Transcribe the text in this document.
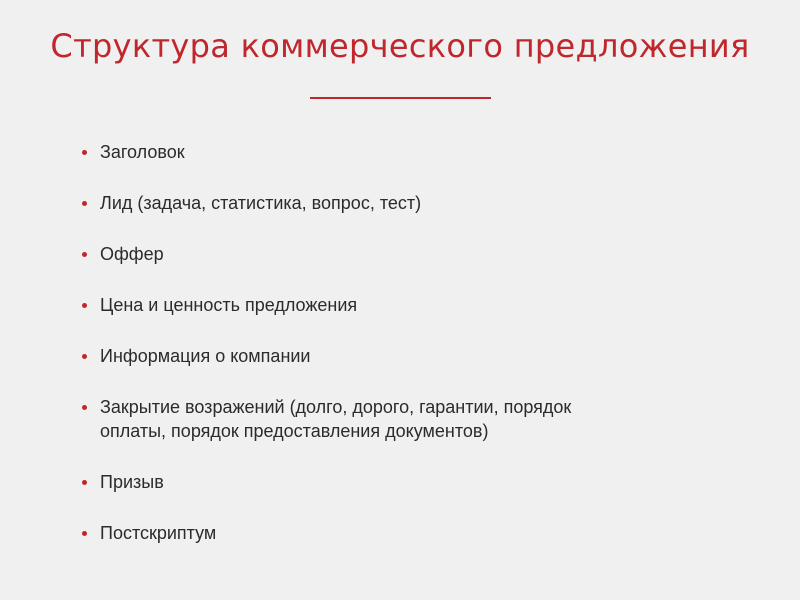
Структура коммерческого предложения
Заголовок
Лид (задача, статистика, вопрос, тест)
Оффер
Цена и ценность предложения
Информация о компании
Закрытие возражений (долго, дорого, гарантии, порядок
оплаты, порядок предоставления документов)
Призыв
Постскриптум
